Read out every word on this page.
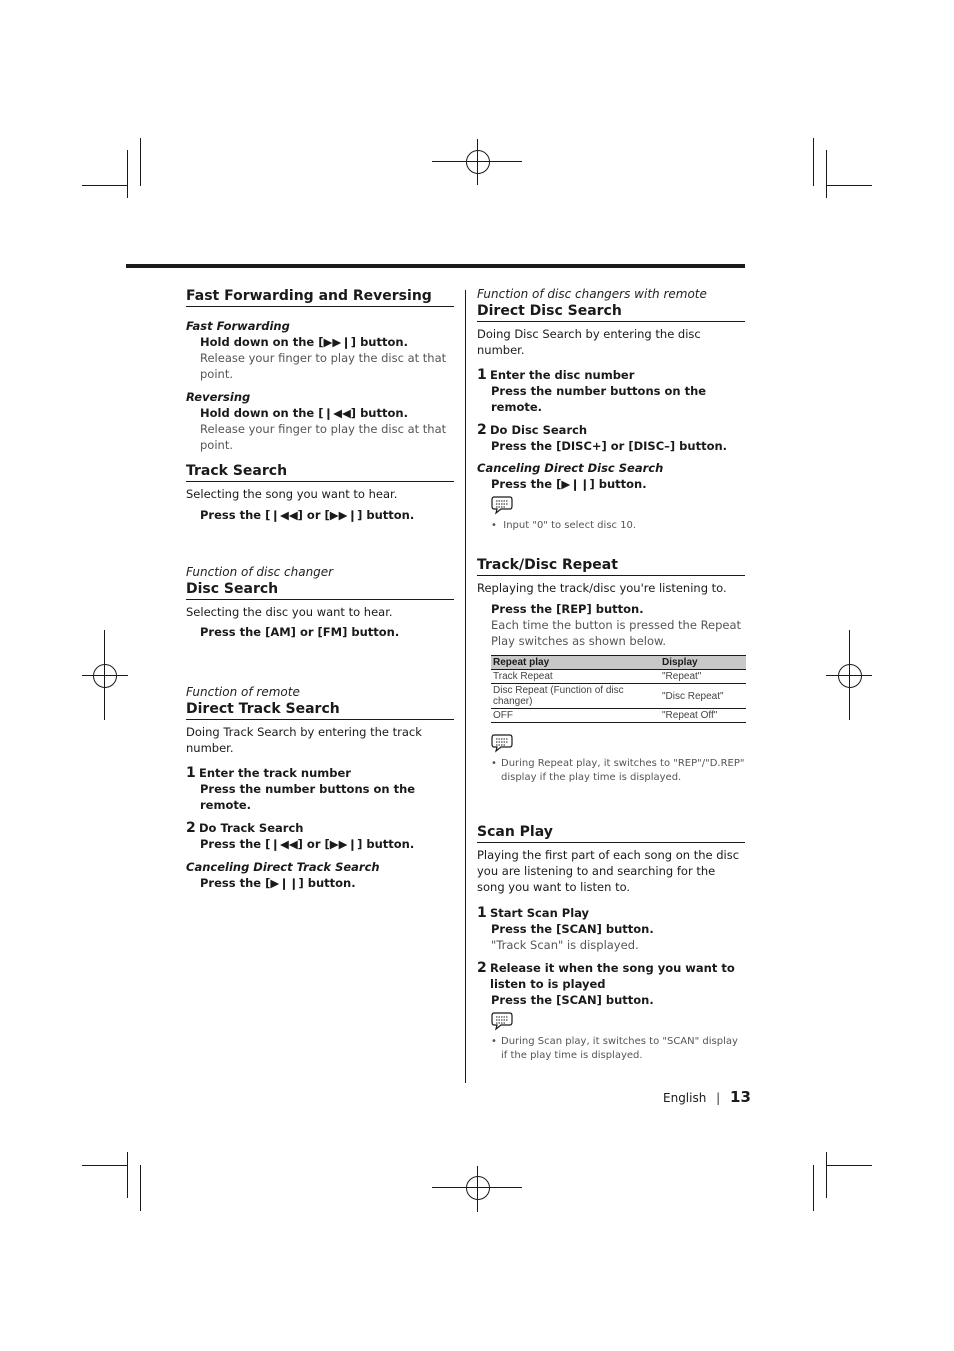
Fast Forwarding and Reversing
Fast Forwarding
Hold down on the [▶▶❙] button.
Release your finger to play the disc at that point.
Reversing
Hold down on the [❙◀◀] button.
Release your finger to play the disc at that point.
Track Search
Selecting the song you want to hear.
Press the [❙◀◀] or [▶▶❙] button.
Function of disc changer
Disc Search
Selecting the disc you want to hear.
Press the [AM] or [FM] button.
Function of remote
Direct Track Search
Doing Track Search by entering the track number.
1 Enter the track number
Press the number buttons on the remote.
2 Do Track Search
Press the [❙◀◀] or [▶▶❙] button.
Canceling Direct Track Search
Press the [▶❙❙] button.
Function of disc changers with remote
Direct Disc Search
Doing Disc Search by entering the disc number.
1 Enter the disc number
Press the number buttons on the remote.
2 Do Disc Search
Press the [DISC+] or [DISC–] button.
Canceling Direct Disc Search
Press the [▶❙❙] button.
•  Input "0" to select disc 10.
Track/Disc Repeat
Replaying the track/disc you're listening to.
Press the [REP] button.
Each time the button is pressed the Repeat Play switches as shown below.
Repeat play	Display
Track Repeat	"Repeat"
Disc Repeat (Function of disc changer)	"Disc Repeat"
OFF	"Repeat Off"
• During Repeat play, it switches to "REP"/"D.REP" display if the play time is displayed.
Scan Play
Playing the first part of each song on the disc you are listening to and searching for the song you want to listen to.
1 Start Scan Play
Press the [SCAN] button.
"Track Scan" is displayed.
2 Release it when the song you want to listen to is played
Press the [SCAN] button.
• During Scan play, it switches to "SCAN" display if the play time is displayed.
English | 13
